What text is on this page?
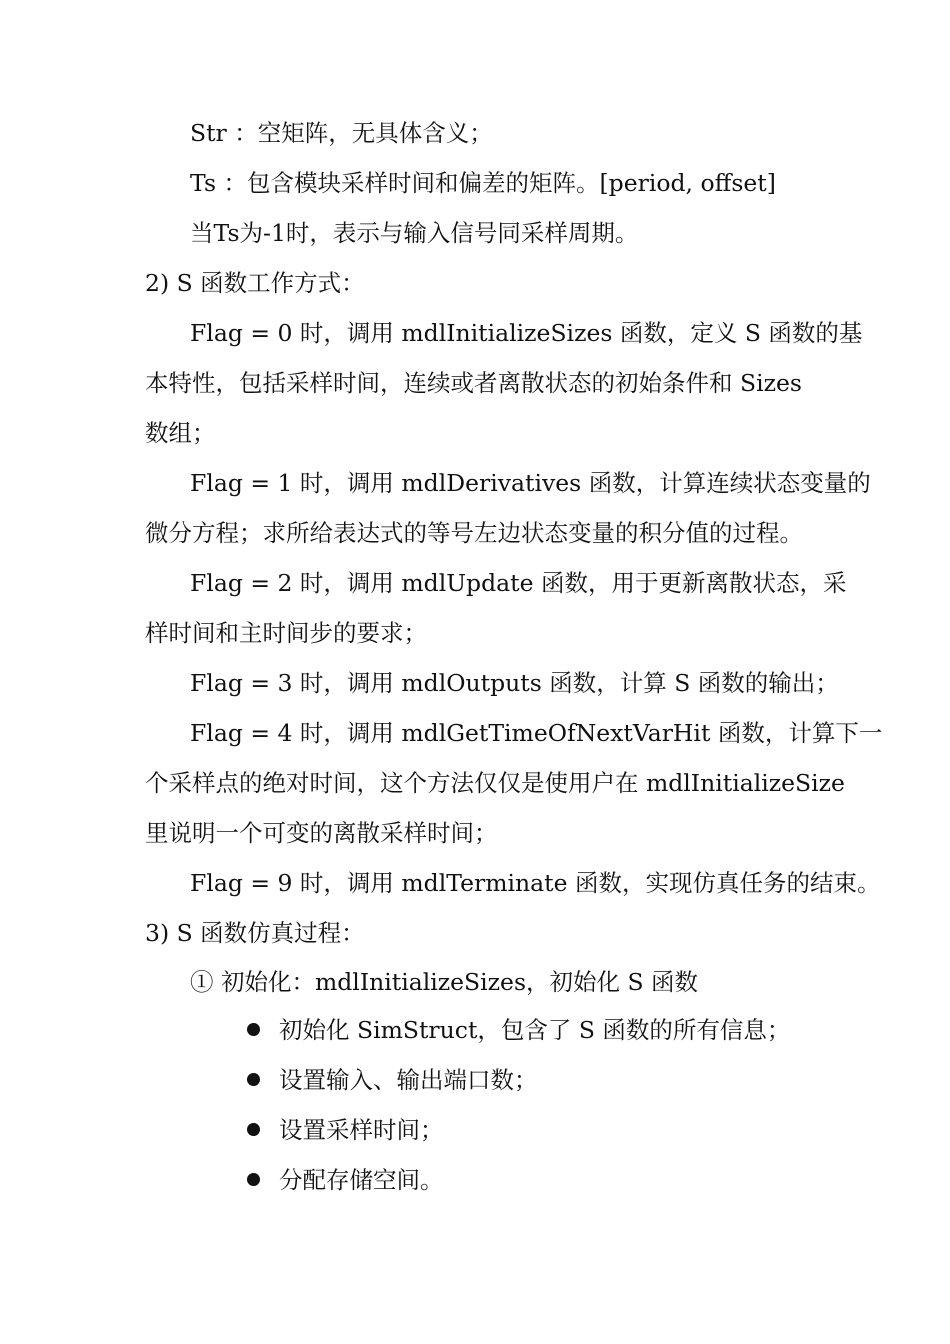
Str ：空矩阵，无具体含义；
Ts ：包含模块采样时间和偏差的矩阵。[period, offset]
当Ts为-1时，表示与输入信号同采样周期。
2) S 函数工作方式：
Flag = 0 时，调用 mdlInitializeSizes 函数，定义 S 函数的基
本特性，包括采样时间，连续或者离散状态的初始条件和 Sizes
数组；
Flag = 1 时，调用 mdlDerivatives 函数，计算连续状态变量的
微分方程；求所给表达式的等号左边状态变量的积分值的过程。
Flag = 2 时，调用 mdlUpdate 函数，用于更新离散状态，采
样时间和主时间步的要求；
Flag = 3 时，调用 mdlOutputs 函数，计算 S 函数的输出；
Flag = 4 时，调用 mdlGetTimeOfNextVarHit 函数，计算下一
个采样点的绝对时间，这个方法仅仅是使用户在 mdlInitializeSize
里说明一个可变的离散采样时间；
Flag = 9 时，调用 mdlTerminate 函数，实现仿真任务的结束。
3) S 函数仿真过程：
① 初始化：mdlInitializeSizes，初始化 S 函数
初始化 SimStruct，包含了 S 函数的所有信息；
设置输入、输出端口数；
设置采样时间；
分配存储空间。
